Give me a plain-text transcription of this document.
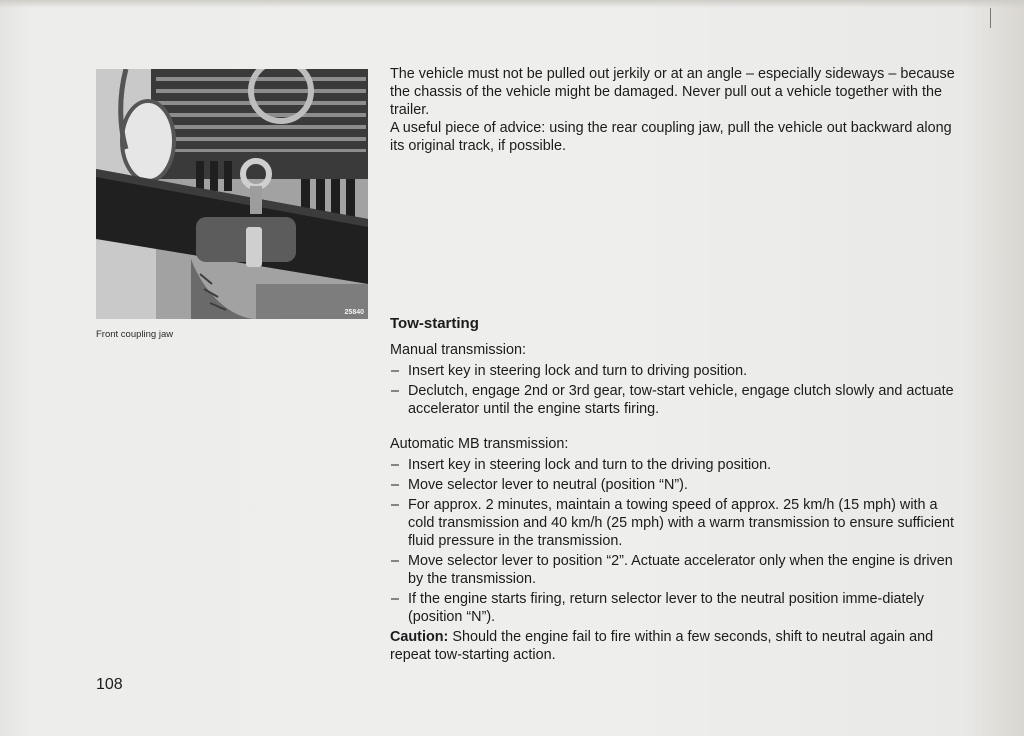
25840
Front coupling jaw

The vehicle must not be pulled out jerkily or at an angle – especially sideways – because the chassis of the vehicle might be damaged. Never pull out a vehicle together with the trailer.

A useful piece of advice: using the rear coupling jaw, pull the vehicle out backward along its original track, if possible.

Tow-starting
Manual transmission:
– Insert key in steering lock and turn to driving position.
– Declutch, engage 2nd or 3rd gear, tow-start vehicle, engage clutch slowly and actuate accelerator until the engine starts firing.
Automatic MB transmission:
– Insert key in steering lock and turn to the driving position.
– Move selector lever to neutral (position “N”).
– For approx. 2 minutes, maintain a towing speed of approx. 25 km/h (15 mph) with a cold transmission and 40 km/h (25 mph) with a warm transmission to ensure sufficient fluid pressure in the transmission.
– Move selector lever to position “2”. Actuate accelerator only when the engine is driven by the transmission.
– If the engine starts firing, return selector lever to the neutral position imme-diately (position “N”).

Caution: Should the engine fail to fire within a few seconds, shift to neutral again and repeat tow-starting action.

108
